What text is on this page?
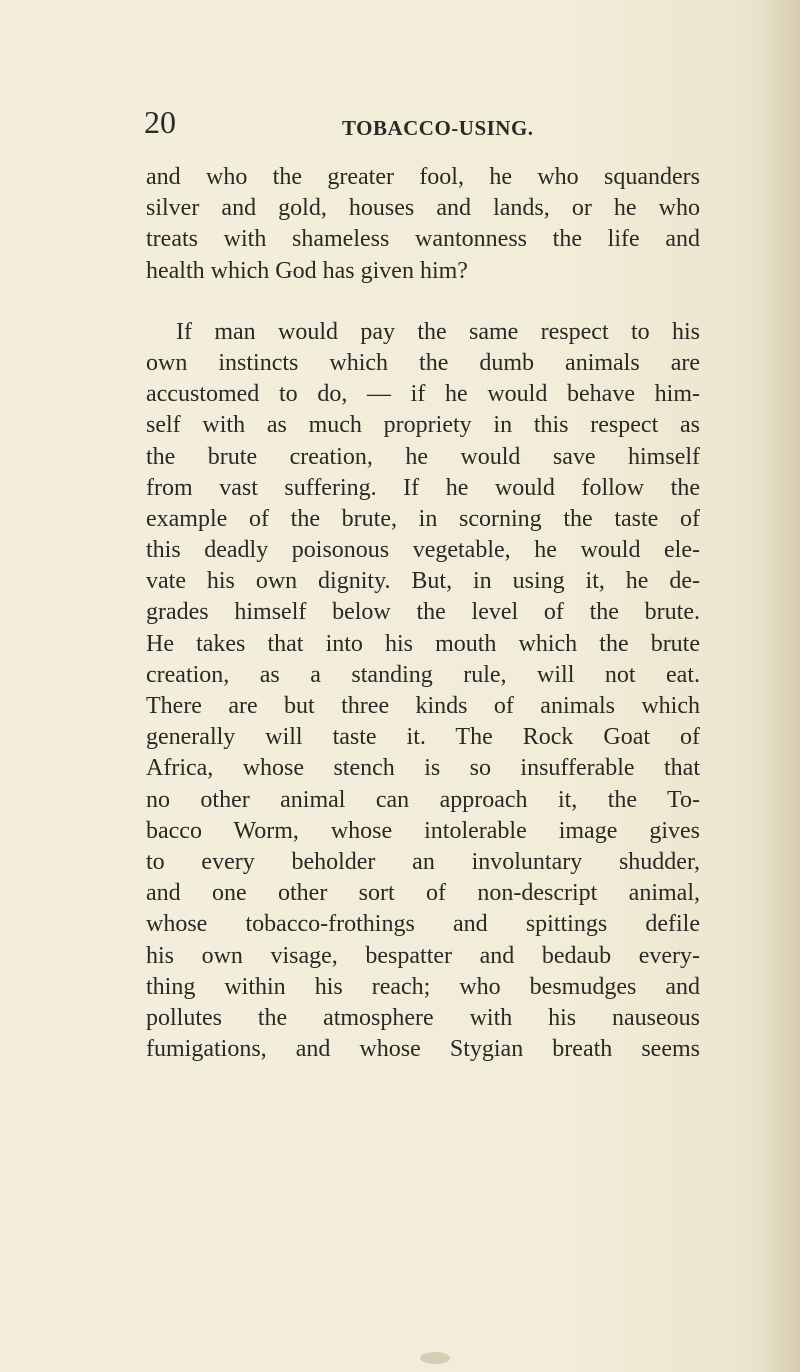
20	TOBACCO-USING.
and who the greater fool, he who squanders
silver and gold, houses and lands, or he who
treats with shameless wantonness the life and
health which God has given him?
If man would pay the same respect to his
own instincts which the dumb animals are
accustomed to do, — if he would behave him-
self with as much propriety in this respect as
the brute creation, he would save himself
from vast suffering. If he would follow the
example of the brute, in scorning the taste of
this deadly poisonous vegetable, he would ele-
vate his own dignity. But, in using it, he de-
grades himself below the level of the brute.
He takes that into his mouth which the brute
creation, as a standing rule, will not eat.
There are but three kinds of animals which
generally will taste it. The Rock Goat of
Africa, whose stench is so insufferable that
no other animal can approach it, the To-
bacco Worm, whose intolerable image gives
to every beholder an involuntary shudder,
and one other sort of non-descript animal,
whose tobacco-frothings and spittings defile
his own visage, bespatter and bedaub every-
thing within his reach; who besmudges and
pollutes the atmosphere with his nauseous
fumigations, and whose Stygian breath seems
